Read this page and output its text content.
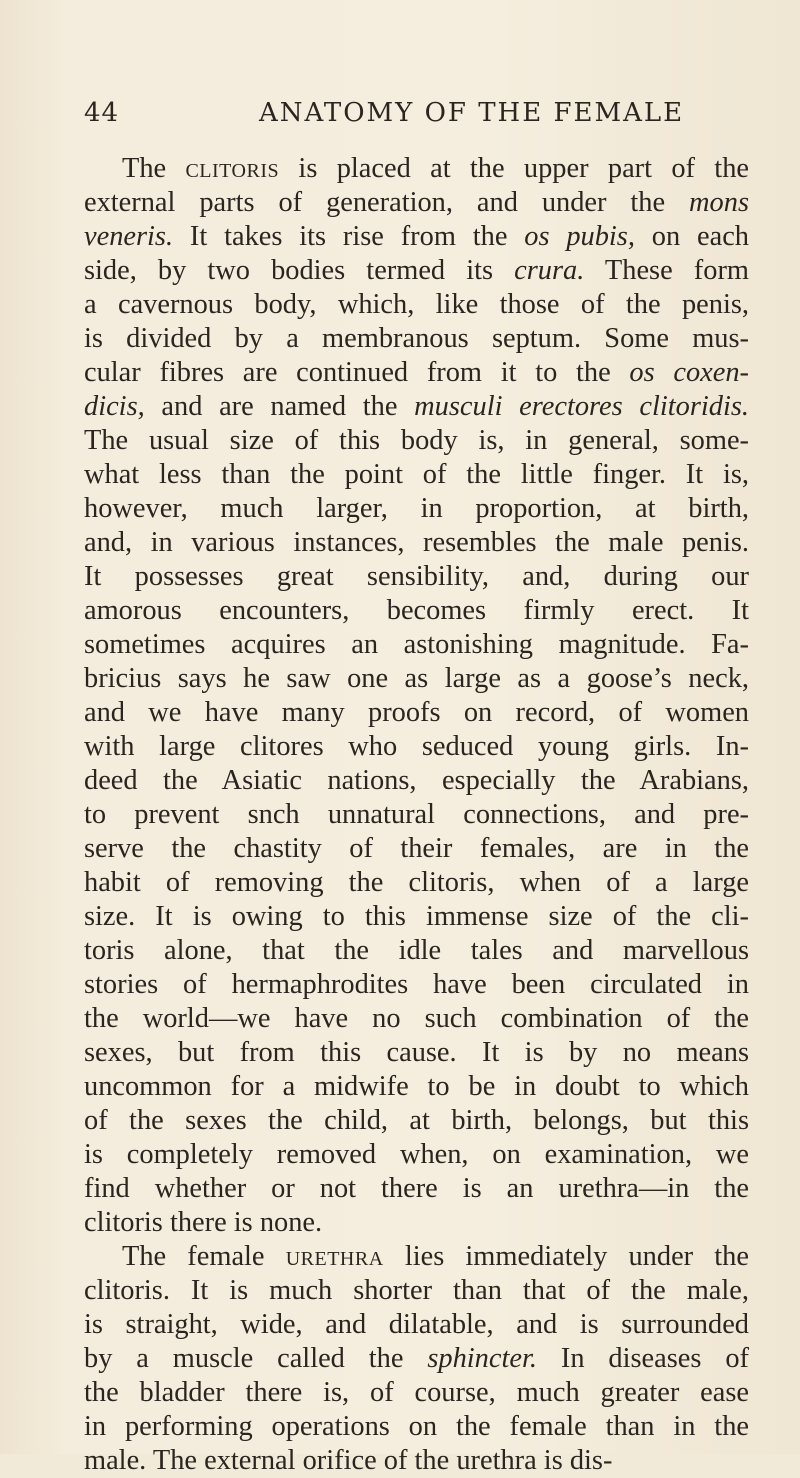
44	ANATOMY OF THE FEMALE
The clitoris is placed at the upper part of the
external parts of generation, and under the mons
veneris. It takes its rise from the os pubis, on each
side, by two bodies termed its crura. These form
a cavernous body, which, like those of the penis,
is divided by a membranous septum. Some mus-
cular fibres are continued from it to the os coxen-
dicis, and are named the musculi erectores clitoridis.
The usual size of this body is, in general, some-
what less than the point of the little finger. It is,
however, much larger, in proportion, at birth,
and, in various instances, resembles the male penis.
It possesses great sensibility, and, during our
amorous encounters, becomes firmly erect. It
sometimes acquires an astonishing magnitude. Fa-
bricius says he saw one as large as a goose’s neck,
and we have many proofs on record, of women
with large clitores who seduced young girls. In-
deed the Asiatic nations, especially the Arabians,
to prevent snch unnatural connections, and pre-
serve the chastity of their females, are in the
habit of removing the clitoris, when of a large
size. It is owing to this immense size of the cli-
toris alone, that the idle tales and marvellous
stories of hermaphrodites have been circulated in
the world—we have no such combination of the
sexes, but from this cause. It is by no means
uncommon for a midwife to be in doubt to which
of the sexes the child, at birth, belongs, but this
is completely removed when, on examination, we
find whether or not there is an urethra—in the
clitoris there is none.
The female urethra lies immediately under the
clitoris. It is much shorter than that of the male,
is straight, wide, and dilatable, and is surrounded
by a muscle called the sphincter. In diseases of
the bladder there is, of course, much greater ease
in performing operations on the female than in the
male. The external orifice of the urethra is dis-
